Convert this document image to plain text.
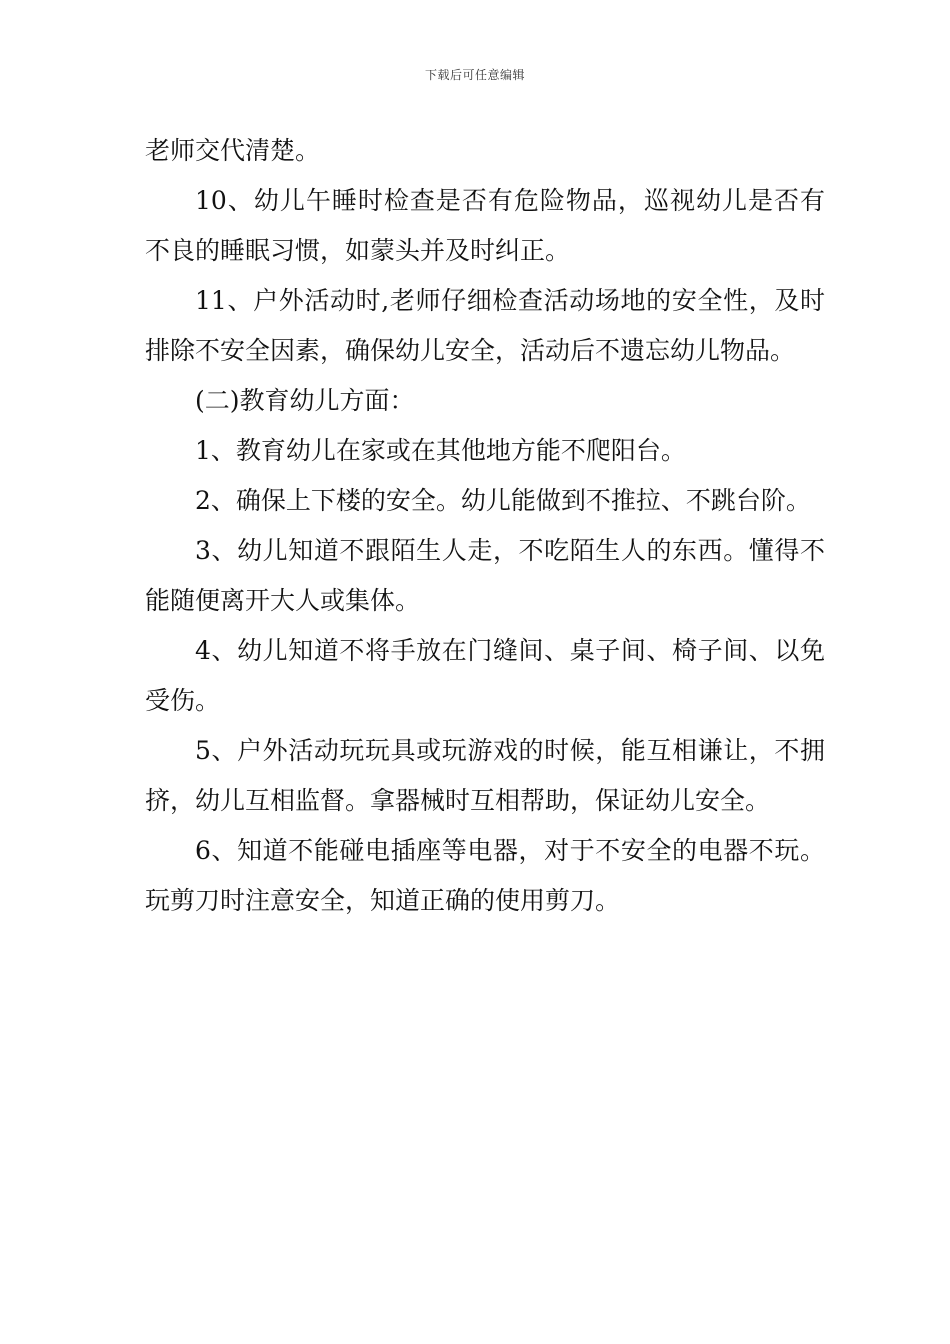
下载后可任意编辑

老师交代清楚。

10、幼儿午睡时检查是否有危险物品，巡视幼儿是否有不良的睡眠习惯，如蒙头并及时纠正。

11、户外活动时,老师仔细检查活动场地的安全性，及时排除不安全因素，确保幼儿安全，活动后不遗忘幼儿物品。

(二)教育幼儿方面：

1、教育幼儿在家或在其他地方能不爬阳台。

2、确保上下楼的安全。幼儿能做到不推拉、不跳台阶。

3、幼儿知道不跟陌生人走，不吃陌生人的东西。懂得不能随便离开大人或集体。

4、幼儿知道不将手放在门缝间、桌子间、椅子间、以免受伤。

5、户外活动玩玩具或玩游戏的时候，能互相谦让，不拥挤，幼儿互相监督。拿器械时互相帮助，保证幼儿安全。

6、知道不能碰电插座等电器，对于不安全的电器不玩。玩剪刀时注意安全，知道正确的使用剪刀。
